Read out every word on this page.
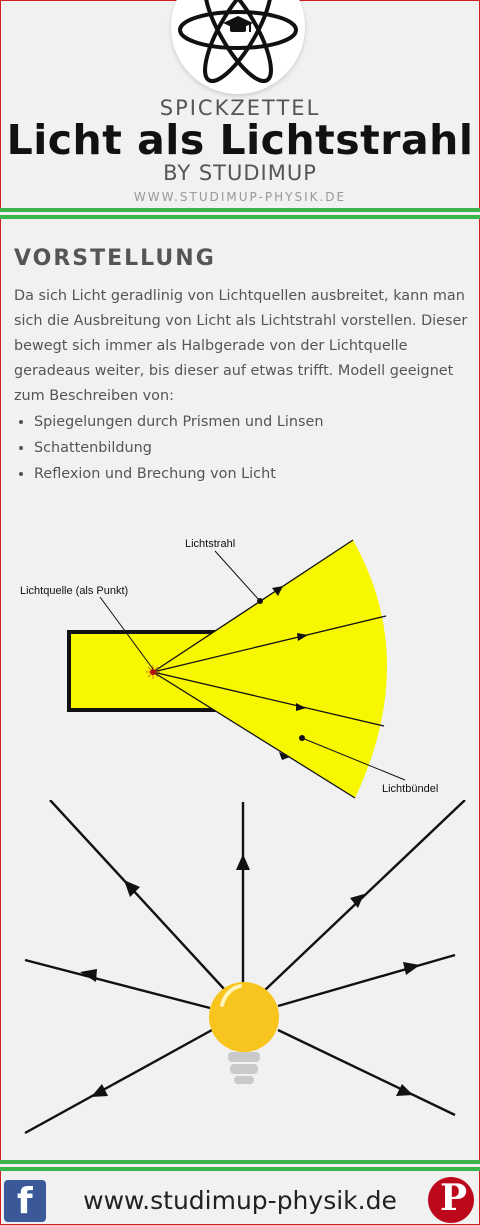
SPICKZETTEL
Licht als Lichtstrahl
BY STUDIMUP
WWW.STUDIMUP-PHYSIK.DE
VORSTELLUNG

Da sich Licht geradlinig von Lichtquellen ausbreitet, kann man sich die Ausbreitung von Licht als Lichtstrahl vorstellen. Dieser bewegt sich immer als Halbgerade von der Lichtquelle geradeaus weiter, bis dieser auf etwas trifft. Modell geeignet zum Beschreiben von:

• Spiegelungen durch Prismen und Linsen
• Schattenbildung
• Reflexion und Brechung von Licht
Lichtstrahl
Lichtquelle (als Punkt)
Lichtbündel
f	www.studimup-physik.de	P
